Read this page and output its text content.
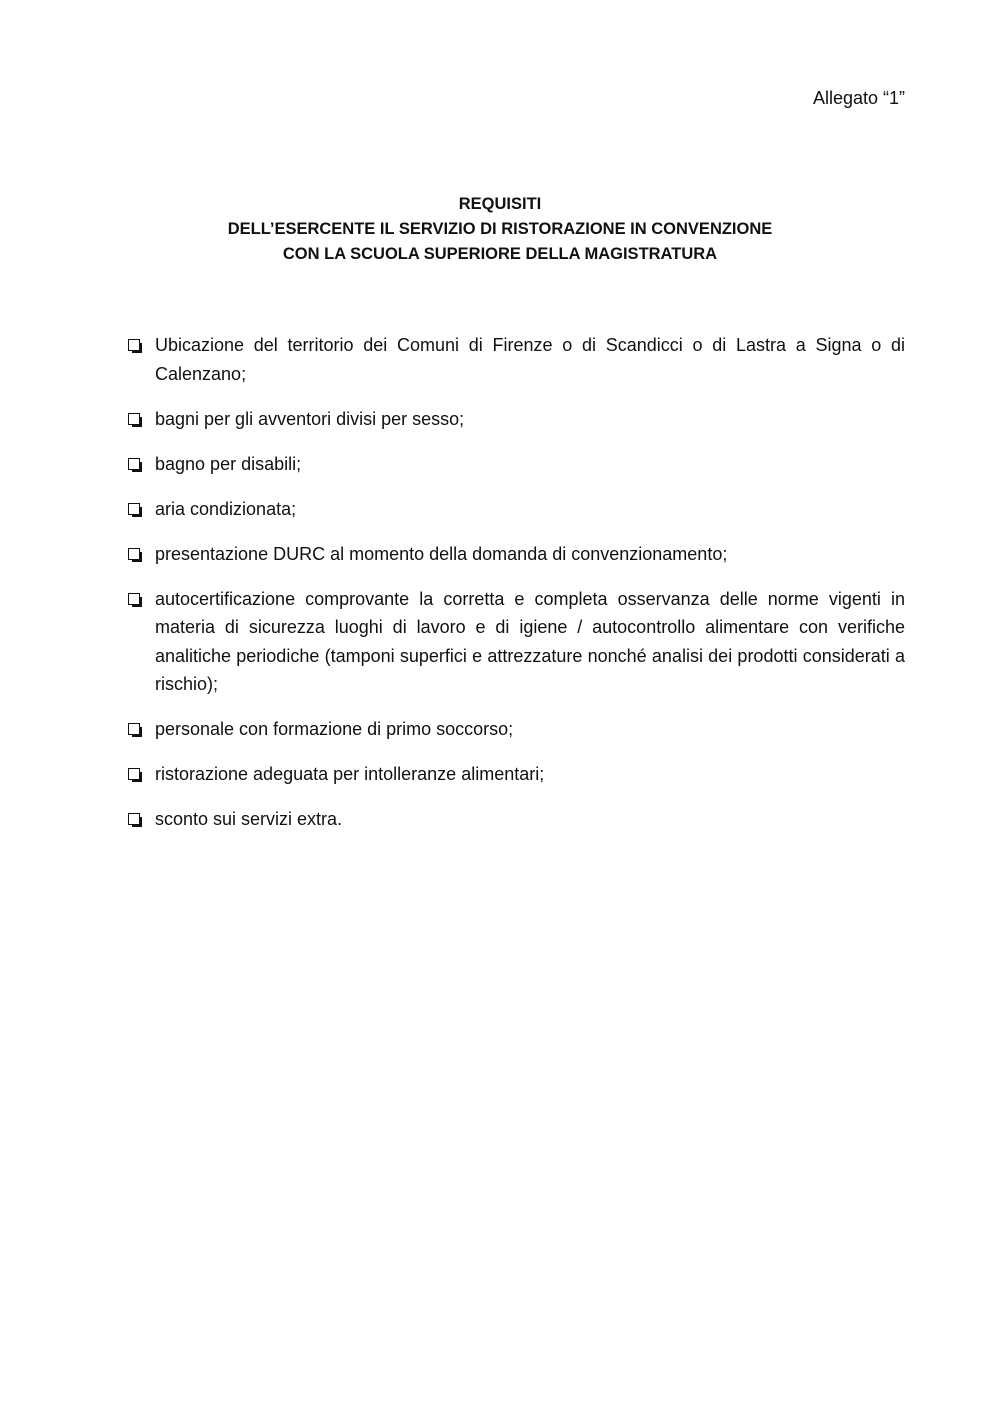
Allegato “1”
REQUISITI
DELL’ESERCENTE IL SERVIZIO DI RISTORAZIONE IN CONVENZIONE
CON LA SCUOLA SUPERIORE DELLA MAGISTRATURA
Ubicazione del territorio dei Comuni di Firenze o di Scandicci o di Lastra a Signa o di Calenzano;
bagni per gli avventori divisi per sesso;
bagno per disabili;
aria condizionata;
presentazione DURC al momento della domanda di convenzionamento;
autocertificazione comprovante la corretta e completa osservanza delle norme vigenti in materia di sicurezza luoghi di lavoro e di igiene / autocontrollo alimentare con verifiche analitiche periodiche (tamponi superfici e attrezzature nonché analisi dei prodotti considerati a rischio);
personale con formazione di primo soccorso;
ristorazione adeguata per intolleranze alimentari;
sconto sui servizi extra.
